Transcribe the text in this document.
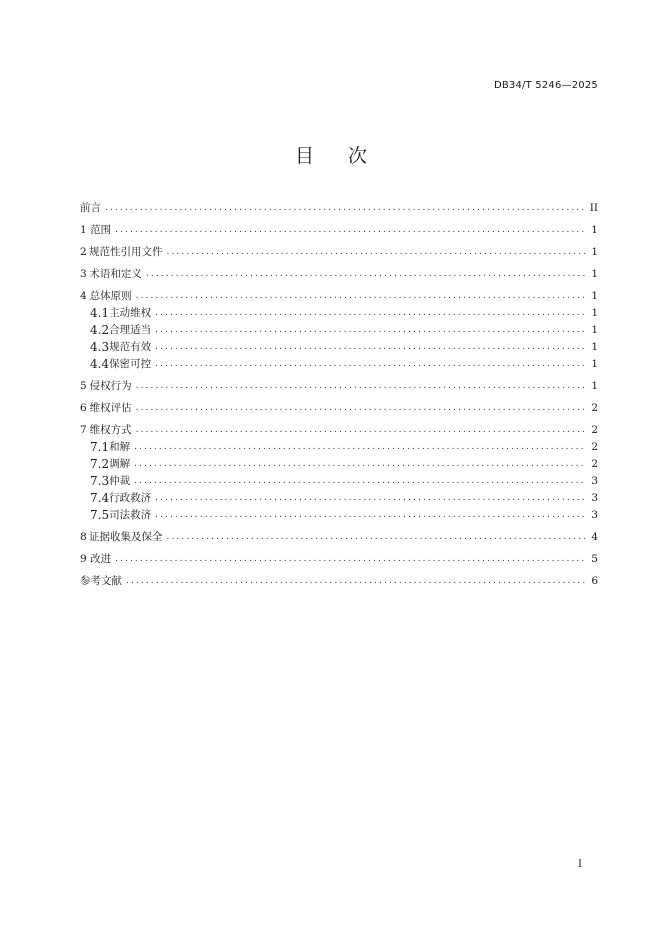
DB34/T 5246—2025
目 次
前言 .....	II
1 范围 .....	1
2 规范性引用文件 .....	1
3 术语和定义 .....	1
4 总体原则 .....	1
4.1 主动维权 .....	1
4.2 合理适当 .....	1
4.3 规范有效 .....	1
4.4 保密可控 .....	1
5 侵权行为 .....	1
6 维权评估 .....	2
7 维权方式 .....	2
7.1 和解 .....	2
7.2 调解 .....	2
7.3 仲裁 .....	3
7.4 行政救济 .....	3
7.5 司法救济 .....	3
8 证据收集及保全 .....	4
9 改进 .....	5
参考文献 .....	6
I
